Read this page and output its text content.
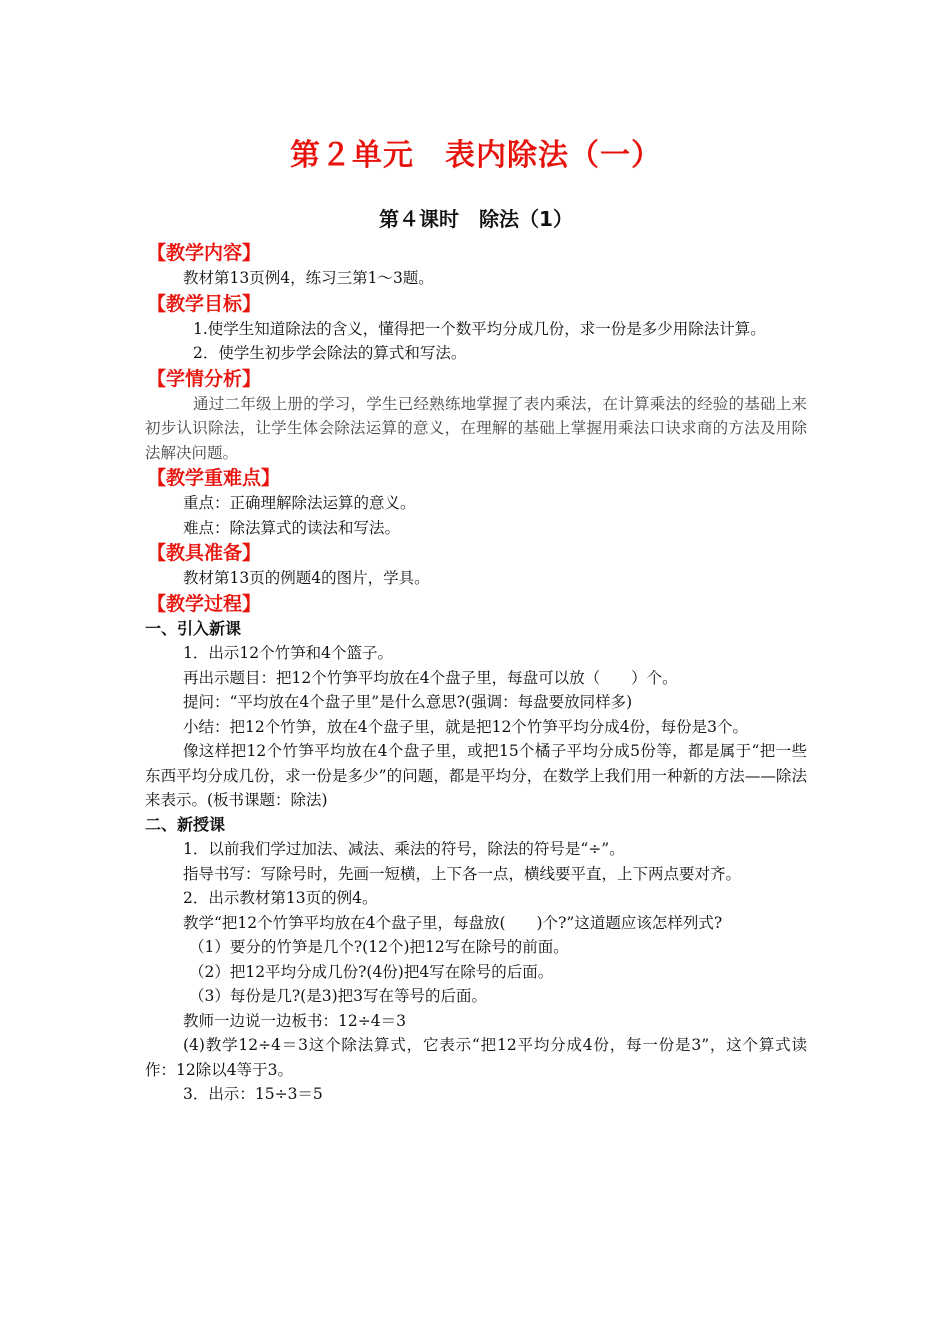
第２单元　表内除法（一）
第４课时　除法（1）
【教学内容】

教材第13页例4，练习三第1～3题。

【教学目标】

1.使学生知道除法的含义，懂得把一个数平均分成几份，求一份是多少用除法计算。

2．使学生初步学会除法的算式和写法。

【学情分析】

通过二年级上册的学习，学生已经熟练地掌握了表内乘法，在计算乘法的经验的基础上来初步认识除法，让学生体会除法运算的意义，在理解的基础上掌握用乘法口诀求商的方法及用除法解决问题。

【教学重难点】

重点：正确理解除法运算的意义。

难点：除法算式的读法和写法。

【教具准备】

教材第13页的例题4的图片，学具。

【教学过程】
一、引入新课

1．出示12个竹笋和4个篮子。

再出示题目：把12个竹笋平均放在4个盘子里，每盘可以放（　　）个。

提问：“平均放在4个盘子里”是什么意思?(强调：每盘要放同样多)

小结：把12个竹笋，放在4个盘子里，就是把12个竹笋平均分成4份，每份是3个。

像这样把12个竹笋平均放在4个盘子里，或把15个橘子平均分成5份等，都是属于“把一些东西平均分成几份，求一份是多少”的问题，都是平均分，在数学上我们用一种新的方法——除法来表示。(板书课题：除法)

二、新授课

1．以前我们学过加法、减法、乘法的符号，除法的符号是“÷”。

指导书写：写除号时，先画一短横，上下各一点，横线要平直，上下两点要对齐。

2．出示教材第13页的例4。

教学“把12个竹笋平均放在4个盘子里，每盘放(　　)个?”这道题应该怎样列式?

（1）要分的竹笋是几个?(12个)把12写在除号的前面。

（2）把12平均分成几份?(4份)把4写在除号的后面。

（3）每份是几?(是3)把3写在等号的后面。

教师一边说一边板书：12÷4＝3

(4)教学12÷4＝3这个除法算式，它表示“把12平均分成4份，每一份是3”，这个算式读作：12除以4等于3。

3．出示：15÷3＝5
